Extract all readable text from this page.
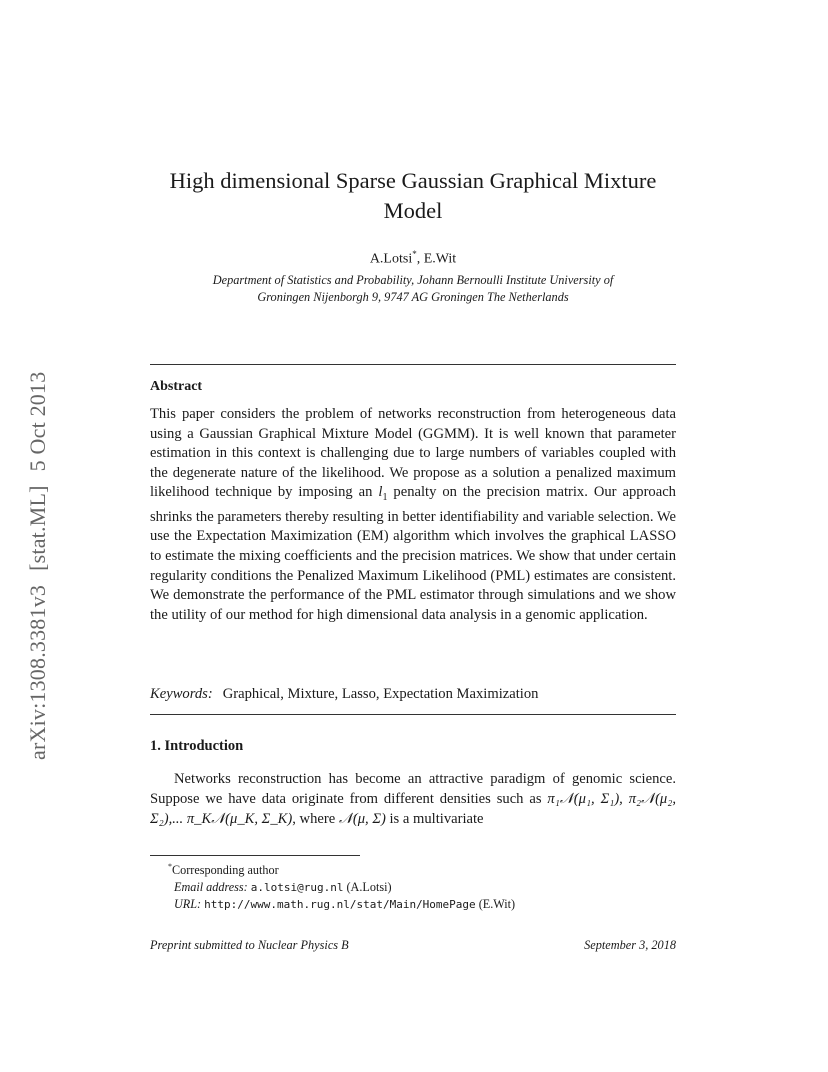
arXiv:1308.3381v3[stat.ML]5 Oct 2013
High dimensional Sparse Gaussian Graphical Mixture
Model
A.Lotsi*, E.Wit
Department of Statistics and Probability, Johann Bernoulli Institute University of
Groningen Nijenborgh 9, 9747 AG Groningen The Netherlands
Abstract
This paper considers the problem of networks reconstruction from heterogeneous data using a Gaussian Graphical Mixture Model (GGMM). It is well known that parameter estimation in this context is challenging due to large numbers of variables coupled with the degenerate nature of the likelihood. We propose as a solution a penalized maximum likelihood technique by imposing an $l_1$ penalty on the precision matrix. Our approach shrinks the parameters thereby resulting in better identifiability and variable selection. We use the Expectation Maximization (EM) algorithm which involves the graphical LASSO to estimate the mixing coefficients and the precision matrices. We show that under certain regularity conditions the Penalized Maximum Likelihood (PML) estimates are consistent. We demonstrate the performance of the PML estimator through simulations and we show the utility of our method for high dimensional data analysis in a genomic application.
Keywords: Graphical, Mixture, Lasso, Expectation Maximization
1. Introduction
Networks reconstruction has become an attractive paradigm of genomic science. Suppose we have data originate from different densities such as π₁𝒩(μ₁, Σ₁), π₂𝒩(μ₂, Σ₂),... π_K𝒩(μ_K, Σ_K), where 𝒩(μ, Σ) is a multivariate
*Corresponding author
Email address: a.lotsi@rug.nl (A.Lotsi)
URL: http://www.math.rug.nl/stat/Main/HomePage (E.Wit)
Preprint submitted to Nuclear Physics B	September 3, 2018
